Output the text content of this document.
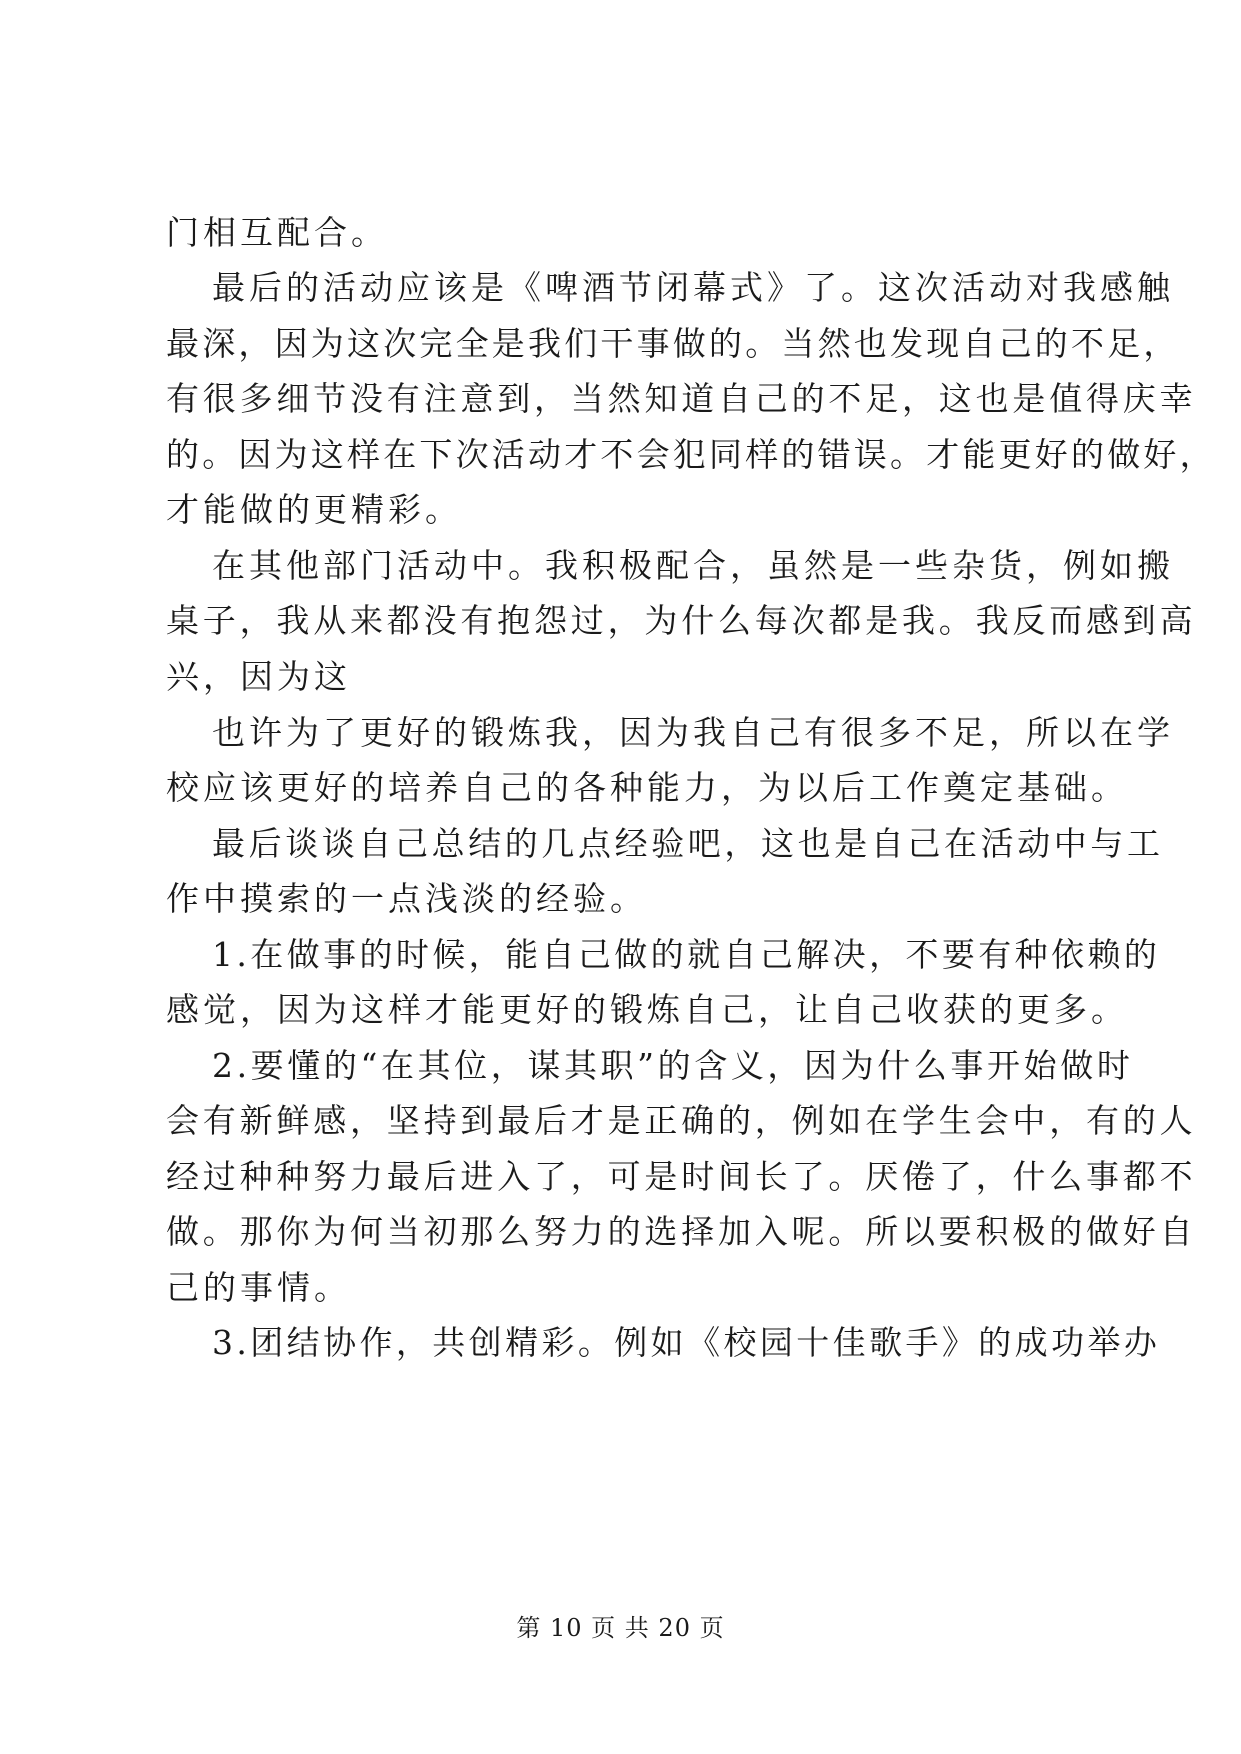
门相互配合。
最后的活动应该是《啤酒节闭幕式》了。这次活动对我感触
最深，因为这次完全是我们干事做的。当然也发现自己的不足，
有很多细节没有注意到，当然知道自己的不足，这也是值得庆幸
的。因为这样在下次活动才不会犯同样的错误。才能更好的做好，
才能做的更精彩。
在其他部门活动中。我积极配合，虽然是一些杂货，例如搬
桌子，我从来都没有抱怨过，为什么每次都是我。我反而感到高
兴，因为这
也许为了更好的锻炼我，因为我自己有很多不足，所以在学
校应该更好的培养自己的各种能力，为以后工作奠定基础。
最后谈谈自己总结的几点经验吧，这也是自己在活动中与工
作中摸索的一点浅淡的经验。
1.在做事的时候，能自己做的就自己解决，不要有种依赖的
感觉，因为这样才能更好的锻炼自己，让自己收获的更多。
2.要懂的“在其位，谋其职”的含义，因为什么事开始做时
会有新鲜感，坚持到最后才是正确的，例如在学生会中，有的人
经过种种努力最后进入了，可是时间长了。厌倦了，什么事都不
做。那你为何当初那么努力的选择加入呢。所以要积极的做好自
己的事情。
3.团结协作，共创精彩。例如《校园十佳歌手》的成功举办
第 10 页 共 20 页
